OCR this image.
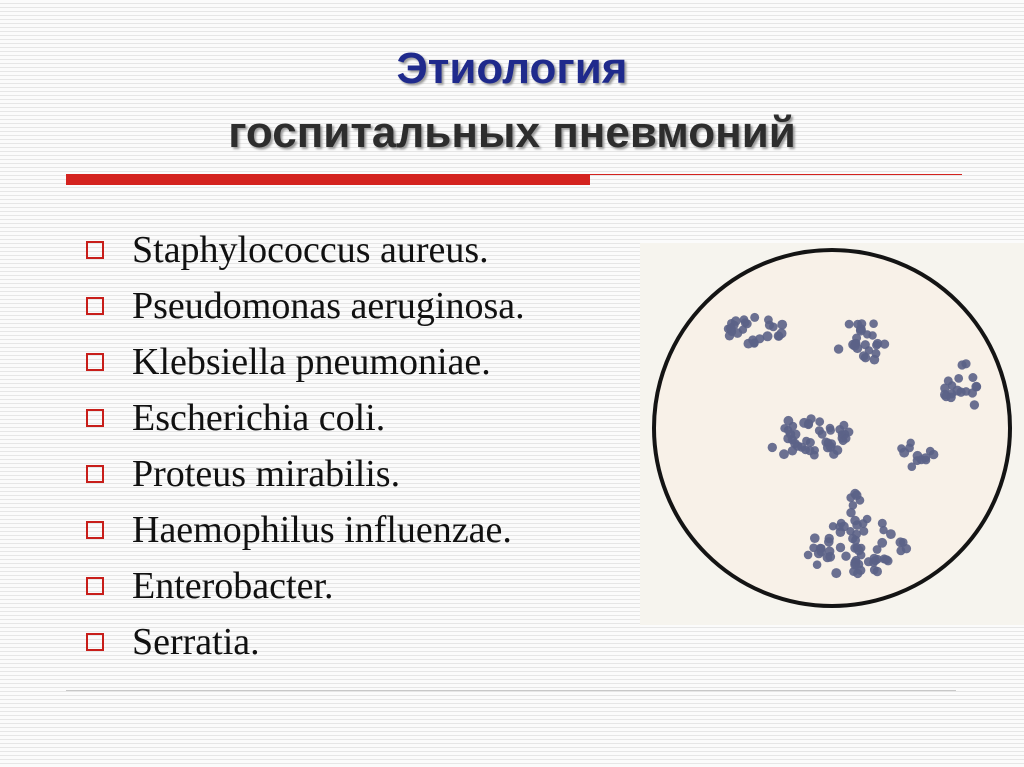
Этиология
госпитальных пневмоний
Staphylococcus aureus.
Pseudomonas aeruginosa.
Klebsiella pneumoniae.
Escherichia coli.
Proteus mirabilis.
Haemophilus influenzae.
Enterobacter.
Serratia.
